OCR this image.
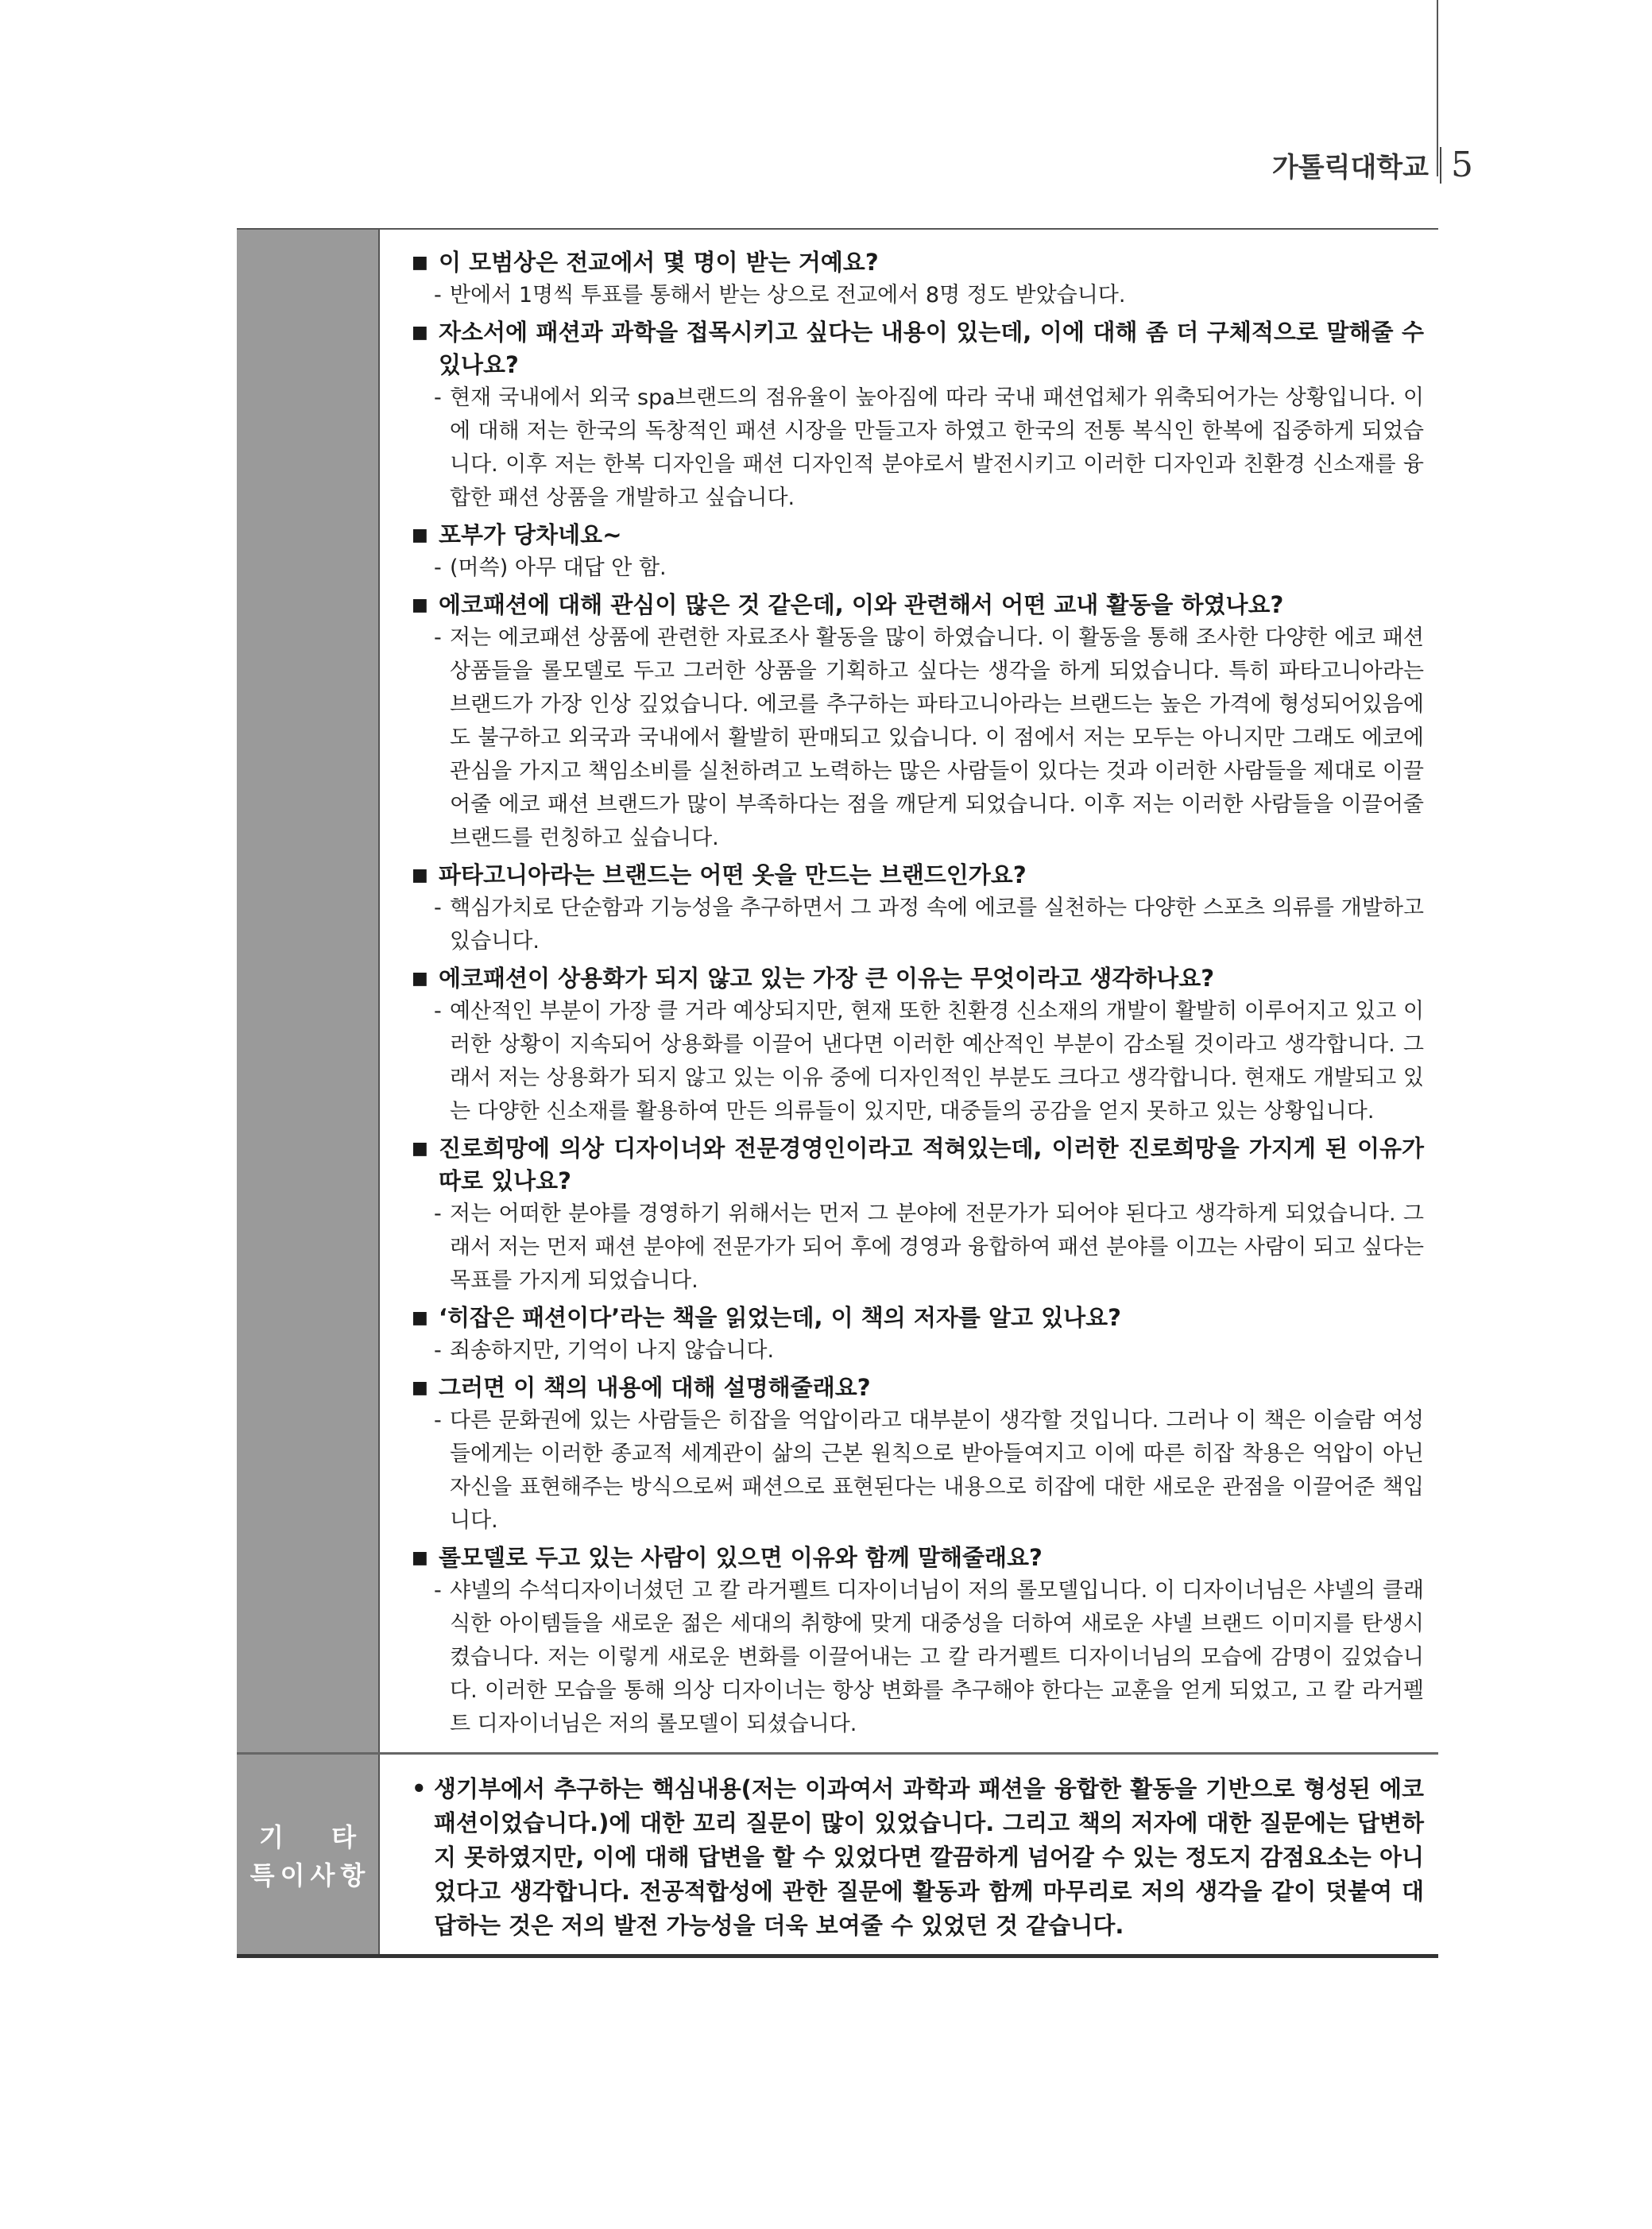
가톨릭대학교 5
■ 이 모범상은 전교에서 몇 명이 받는 거예요?
- 반에서 1명씩 투표를 통해서 받는 상으로 전교에서 8명 정도 받았습니다.
■ 자소서에 패션과 과학을 접목시키고 싶다는 내용이 있는데, 이에 대해 좀 더 구체적으로 말해줄 수 있나요?
- 현재 국내에서 외국 spa브랜드의 점유율이 높아짐에 따라 국내 패션업체가 위축되어가는 상황입니다. 이에 대해 저는 한국의 독창적인 패션 시장을 만들고자 하였고 한국의 전통 복식인 한복에 집중하게 되었습니다. 이후 저는 한복 디자인을 패션 디자인적 분야로서 발전시키고 이러한 디자인과 친환경 신소재를 융합한 패션 상품을 개발하고 싶습니다.
■ 포부가 당차네요~
- (머쓱) 아무 대답 안 함.
■ 에코패션에 대해 관심이 많은 것 같은데, 이와 관련해서 어떤 교내 활동을 하였나요?
- 저는 에코패션 상품에 관련한 자료조사 활동을 많이 하였습니다. 이 활동을 통해 조사한 다양한 에코 패션 상품들을 롤모델로 두고 그러한 상품을 기획하고 싶다는 생각을 하게 되었습니다. 특히 파타고니아라는 브랜드가 가장 인상 깊었습니다. 에코를 추구하는 파타고니아라는 브랜드는 높은 가격에 형성되어있음에도 불구하고 외국과 국내에서 활발히 판매되고 있습니다. 이 점에서 저는 모두는 아니지만 그래도 에코에 관심을 가지고 책임소비를 실천하려고 노력하는 많은 사람들이 있다는 것과 이러한 사람들을 제대로 이끌어줄 에코 패션 브랜드가 많이 부족하다는 점을 깨닫게 되었습니다. 이후 저는 이러한 사람들을 이끌어줄 브랜드를 런칭하고 싶습니다.
■ 파타고니아라는 브랜드는 어떤 옷을 만드는 브랜드인가요?
- 핵심가치로 단순함과 기능성을 추구하면서 그 과정 속에 에코를 실천하는 다양한 스포츠 의류를 개발하고 있습니다.
■ 에코패션이 상용화가 되지 않고 있는 가장 큰 이유는 무엇이라고 생각하나요?
- 예산적인 부분이 가장 클 거라 예상되지만, 현재 또한 친환경 신소재의 개발이 활발히 이루어지고 있고 이러한 상황이 지속되어 상용화를 이끌어 낸다면 이러한 예산적인 부분이 감소될 것이라고 생각합니다. 그래서 저는 상용화가 되지 않고 있는 이유 중에 디자인적인 부분도 크다고 생각합니다. 현재도 개발되고 있는 다양한 신소재를 활용하여 만든 의류들이 있지만, 대중들의 공감을 얻지 못하고 있는 상황입니다.
■ 진로희망에 의상 디자이너와 전문경영인이라고 적혀있는데, 이러한 진로희망을 가지게 된 이유가 따로 있나요?
- 저는 어떠한 분야를 경영하기 위해서는 먼저 그 분야에 전문가가 되어야 된다고 생각하게 되었습니다. 그래서 저는 먼저 패션 분야에 전문가가 되어 후에 경영과 융합하여 패션 분야를 이끄는 사람이 되고 싶다는 목표를 가지게 되었습니다.
■ ‘히잡은 패션이다’라는 책을 읽었는데, 이 책의 저자를 알고 있나요?
- 죄송하지만, 기억이 나지 않습니다.
■ 그러면 이 책의 내용에 대해 설명해줄래요?
- 다른 문화권에 있는 사람들은 히잡을 억압이라고 대부분이 생각할 것입니다. 그러나 이 책은 이슬람 여성들에게는 이러한 종교적 세계관이 삶의 근본 원칙으로 받아들여지고 이에 따른 히잡 착용은 억압이 아닌 자신을 표현해주는 방식으로써 패션으로 표현된다는 내용으로 히잡에 대한 새로운 관점을 이끌어준 책입니다.
■ 롤모델로 두고 있는 사람이 있으면 이유와 함께 말해줄래요?
- 샤넬의 수석디자이너셨던 고 칼 라거펠트 디자이너님이 저의 롤모델입니다. 이 디자이너님은 샤넬의 클래식한 아이템들을 새로운 젊은 세대의 취향에 맞게 대중성을 더하여 새로운 샤넬 브랜드 이미지를 탄생시켰습니다. 저는 이렇게 새로운 변화를 이끌어내는 고 칼 라거펠트 디자이너님의 모습에 감명이 깊었습니다. 이러한 모습을 통해 의상 디자이너는 항상 변화를 추구해야 한다는 교훈을 얻게 되었고, 고 칼 라거펠트 디자이너님은 저의 롤모델이 되셨습니다.
기 타
특이사항
• 생기부에서 추구하는 핵심내용(저는 이과여서 과학과 패션을 융합한 활동을 기반으로 형성된 에코 패션이었습니다.)에 대한 꼬리 질문이 많이 있었습니다. 그리고 책의 저자에 대한 질문에는 답변하지 못하였지만, 이에 대해 답변을 할 수 있었다면 깔끔하게 넘어갈 수 있는 정도지 감점요소는 아니었다고 생각합니다. 전공적합성에 관한 질문에 활동과 함께 마무리로 저의 생각을 같이 덧붙여 대답하는 것은 저의 발전 가능성을 더욱 보여줄 수 있었던 것 같습니다.
